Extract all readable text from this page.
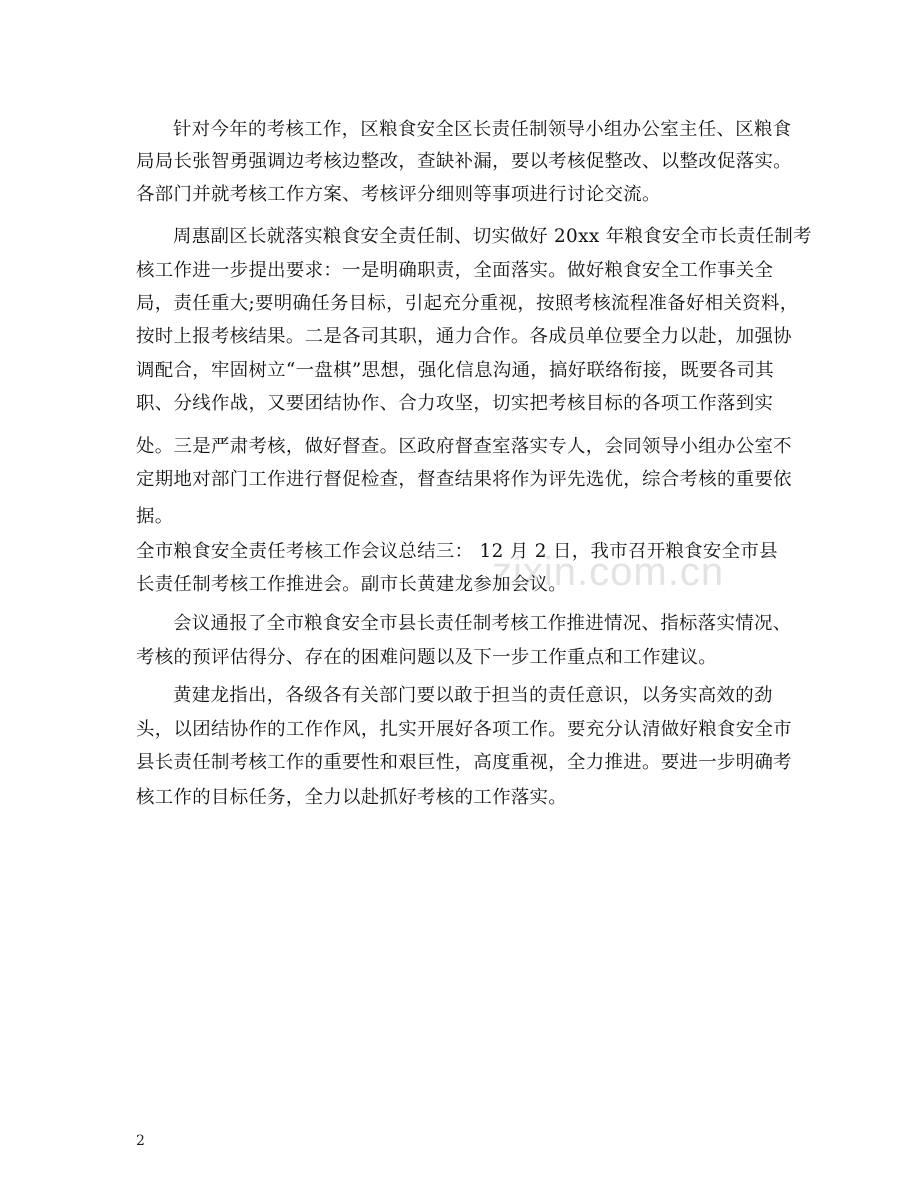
zixin.com.cn
针对今年的考核工作，区粮食安全区长责任制领导小组办公室主任、区粮食
局局长张智勇强调边考核边整改，查缺补漏，要以考核促整改、以整改促落实。
各部门并就考核工作方案、考核评分细则等事项进行讨论交流。
周惠副区长就落实粮食安全责任制、切实做好 20xx 年粮食安全市长责任制考
核工作进一步提出要求：一是明确职责，全面落实。做好粮食安全工作事关全
局，责任重大;要明确任务目标，引起充分重视，按照考核流程准备好相关资料，
按时上报考核结果。二是各司其职，通力合作。各成员单位要全力以赴，加强协
调配合，牢固树立“一盘棋”思想，强化信息沟通，搞好联络衔接，既要各司其
职、分线作战，又要团结协作、合力攻坚，切实把考核目标的各项工作落到实
处。三是严肃考核，做好督查。区政府督查室落实专人，会同领导小组办公室不
定期地对部门工作进行督促检查，督查结果将作为评先选优，综合考核的重要依
据。
全市粮食安全责任考核工作会议总结三： 12 月 2 日，我市召开粮食安全市县
长责任制考核工作推进会。副市长黄建龙参加会议。
会议通报了全市粮食安全市县长责任制考核工作推进情况、指标落实情况、
考核的预评估得分、存在的困难问题以及下一步工作重点和工作建议。
黄建龙指出，各级各有关部门要以敢于担当的责任意识，以务实高效的劲
头，以团结协作的工作作风，扎实开展好各项工作。要充分认清做好粮食安全市
县长责任制考核工作的重要性和艰巨性，高度重视，全力推进。要进一步明确考
核工作的目标任务，全力以赴抓好考核的工作落实。
2
